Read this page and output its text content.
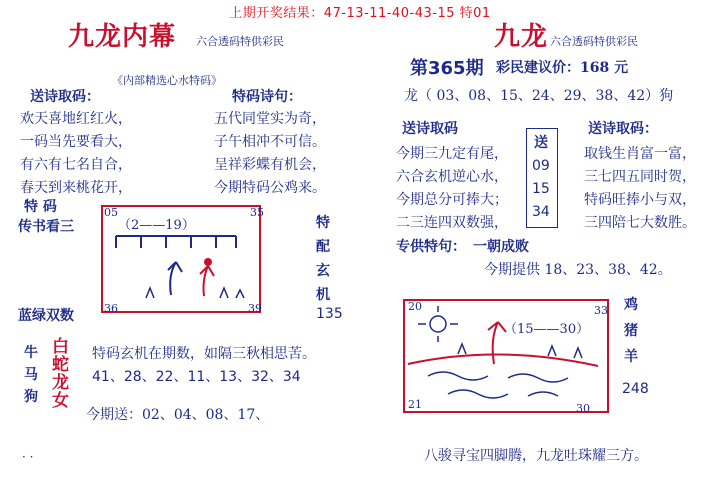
上期开奖结果：47-13-11-40-43-15 特01
九龙内幕 六合透码特供彩民
《内部精选心水特码》
送诗取码：
欢天喜地红红火，
一码当先要看大，
有六有七名自合，
春天到来桃花开，
特码诗句：
五代同堂实为奇，
子午相冲不可信。
呈祥彩蝶有机会，
今期特码公鸡来。
特 码
传书看三
05	35
36	39
（2——19）	特
配
玄
机
135
蓝绿双数
牛
马
狗
白
蛇
龙
女
特码玄机在期数，如隔三秋相思苦。
41、28、22、11、13、32、34
今期送：02、04、08、17、
· ·
九龙 六合透码特供彩民
第365期 彩民建议价：168 元
龙（ 03、08、15、24、29、38、42）狗
送诗取码
今期三九定有尾，
六合玄机逆心水，
今期总分可捧大；
二三连四双数强，
送
09
15
34
送诗取码：
取钱生肖富一富，
三七四五同时贺，
特码旺捧小与双，
三四陪七大数胜。
专供特句：　一朝成败
今期提供 18、23、38、42。
20	33
21	30
（15——30）
鸡
猪
羊
248
八骏寻宝四脚腾，九龙吐珠耀三方。
